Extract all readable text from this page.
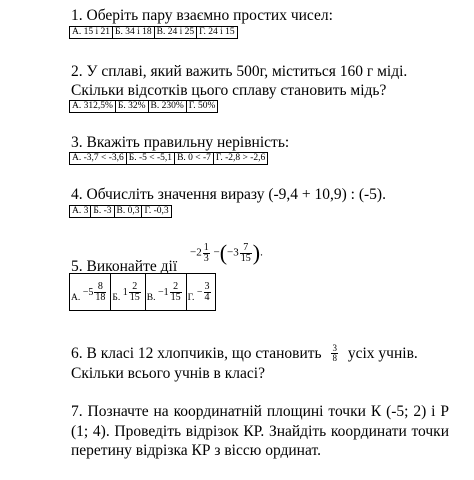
1. Оберіть пару взаємно простих чисел:
А. 15 і 21	Б. 34 і 18	В. 24 і 25	Г. 24 і 15
2. У сплаві, який важить 500г, міститься 160 г міді.
Скільки відсотків цього сплаву становить мідь?
А. 312,5%	Б. 32%	В. 230%	Г. 50%
3. Вкажіть правильну нерівність:
А. -3,7 < -3,6	Б. -5 < -5,1	В. 0 < -7	Г. -2,8 > -2,6
4. Обчисліть значення виразу (-9,4 + 10,9) : (-5).
А. 3	Б. -3	В. 0,3	Г. -0,3
5. Виконайте дії
$-2 \frac{1}{3} -(-3 \frac{7}{15}$ ).
А. $-5 \frac{8}{18}$	Б. $1 \frac{2}{15}$	В. $-1 \frac{2}{15}$	Г. − $\frac{3}{4}$
6. В класі 12 хлопчиків, що становить $\frac{3}{8}$ усіх учнів.
Скільки всього учнів в класі?
7. Позначте на координатній площині точки К (-5; 2) і Р (1; 4). Проведіть відрізок КР. Знайдіть координати точки перетину відрізка КР з віссю ординат.
